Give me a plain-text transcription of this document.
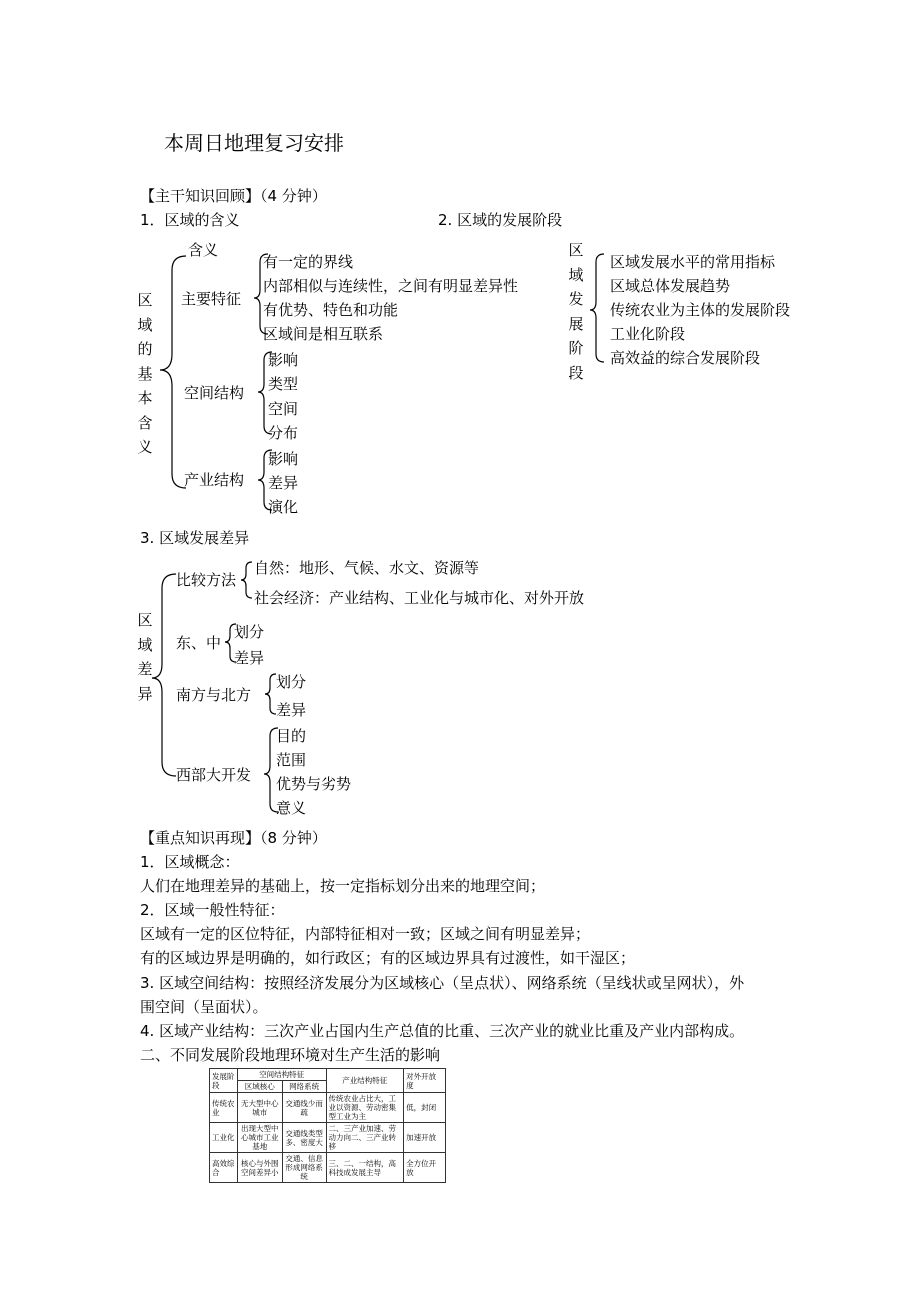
本周日地理复习安排
【主干知识回顾】（4 分钟）
1．区域的含义	2. 区域的发展阶段
区域的基本含义
含义
主要特征
有一定的界线
内部相似与连续性，之间有明显差异性
有优势、特色和功能
区域间是相互联系
空间结构
影响
类型
空间
分布
产业结构
影响
差异
演化
区域发展阶段
区域发展水平的常用指标
区域总体发展趋势
传统农业为主体的发展阶段
工业化阶段
高效益的综合发展阶段
3. 区域发展差异
区域差异
比较方法
自然：地形、气候、水文、资源等
社会经济：产业结构、工业化与城市化、对外开放
东、中
划分
差异
南方与北方
划分
差异
西部大开发
目的
范围
优势与劣势
意义
【重点知识再现】（8 分钟）
1．区域概念：
人们在地理差异的基础上，按一定指标划分出来的地理空间；
2．区域一般性特征：
区域有一定的区位特征，内部特征相对一致；区域之间有明显差异；
有的区域边界是明确的，如行政区；有的区域边界具有过渡性，如干湿区；
3. 区域空间结构：按照经济发展分为区域核心（呈点状）、网络系统（呈线状或呈网状），外
围空间（呈面状）。
4. 区域产业结构：三次产业占国内生产总值的比重、三次产业的就业比重及产业内部构成。
二、不同发展阶段地理环境对生产生活的影响
发展阶段	空间结构特征		产业结构特征	对外开放度
	区域核心	网络系统		
传统农业	无大型中心城市	交通线少而疏	传统农业占比大，工业以资源、劳动密集型工业为主	低，封闭
工业化	出现大型中心城市工业基地	交通线类型多、密度大	二、三产业加速、劳动力向二、三产业转移	加速开放
高效综合	核心与外围空间差异小	交通、信息形成网络系统	三、二、一结构，高科技成发展主导	全方位开放
